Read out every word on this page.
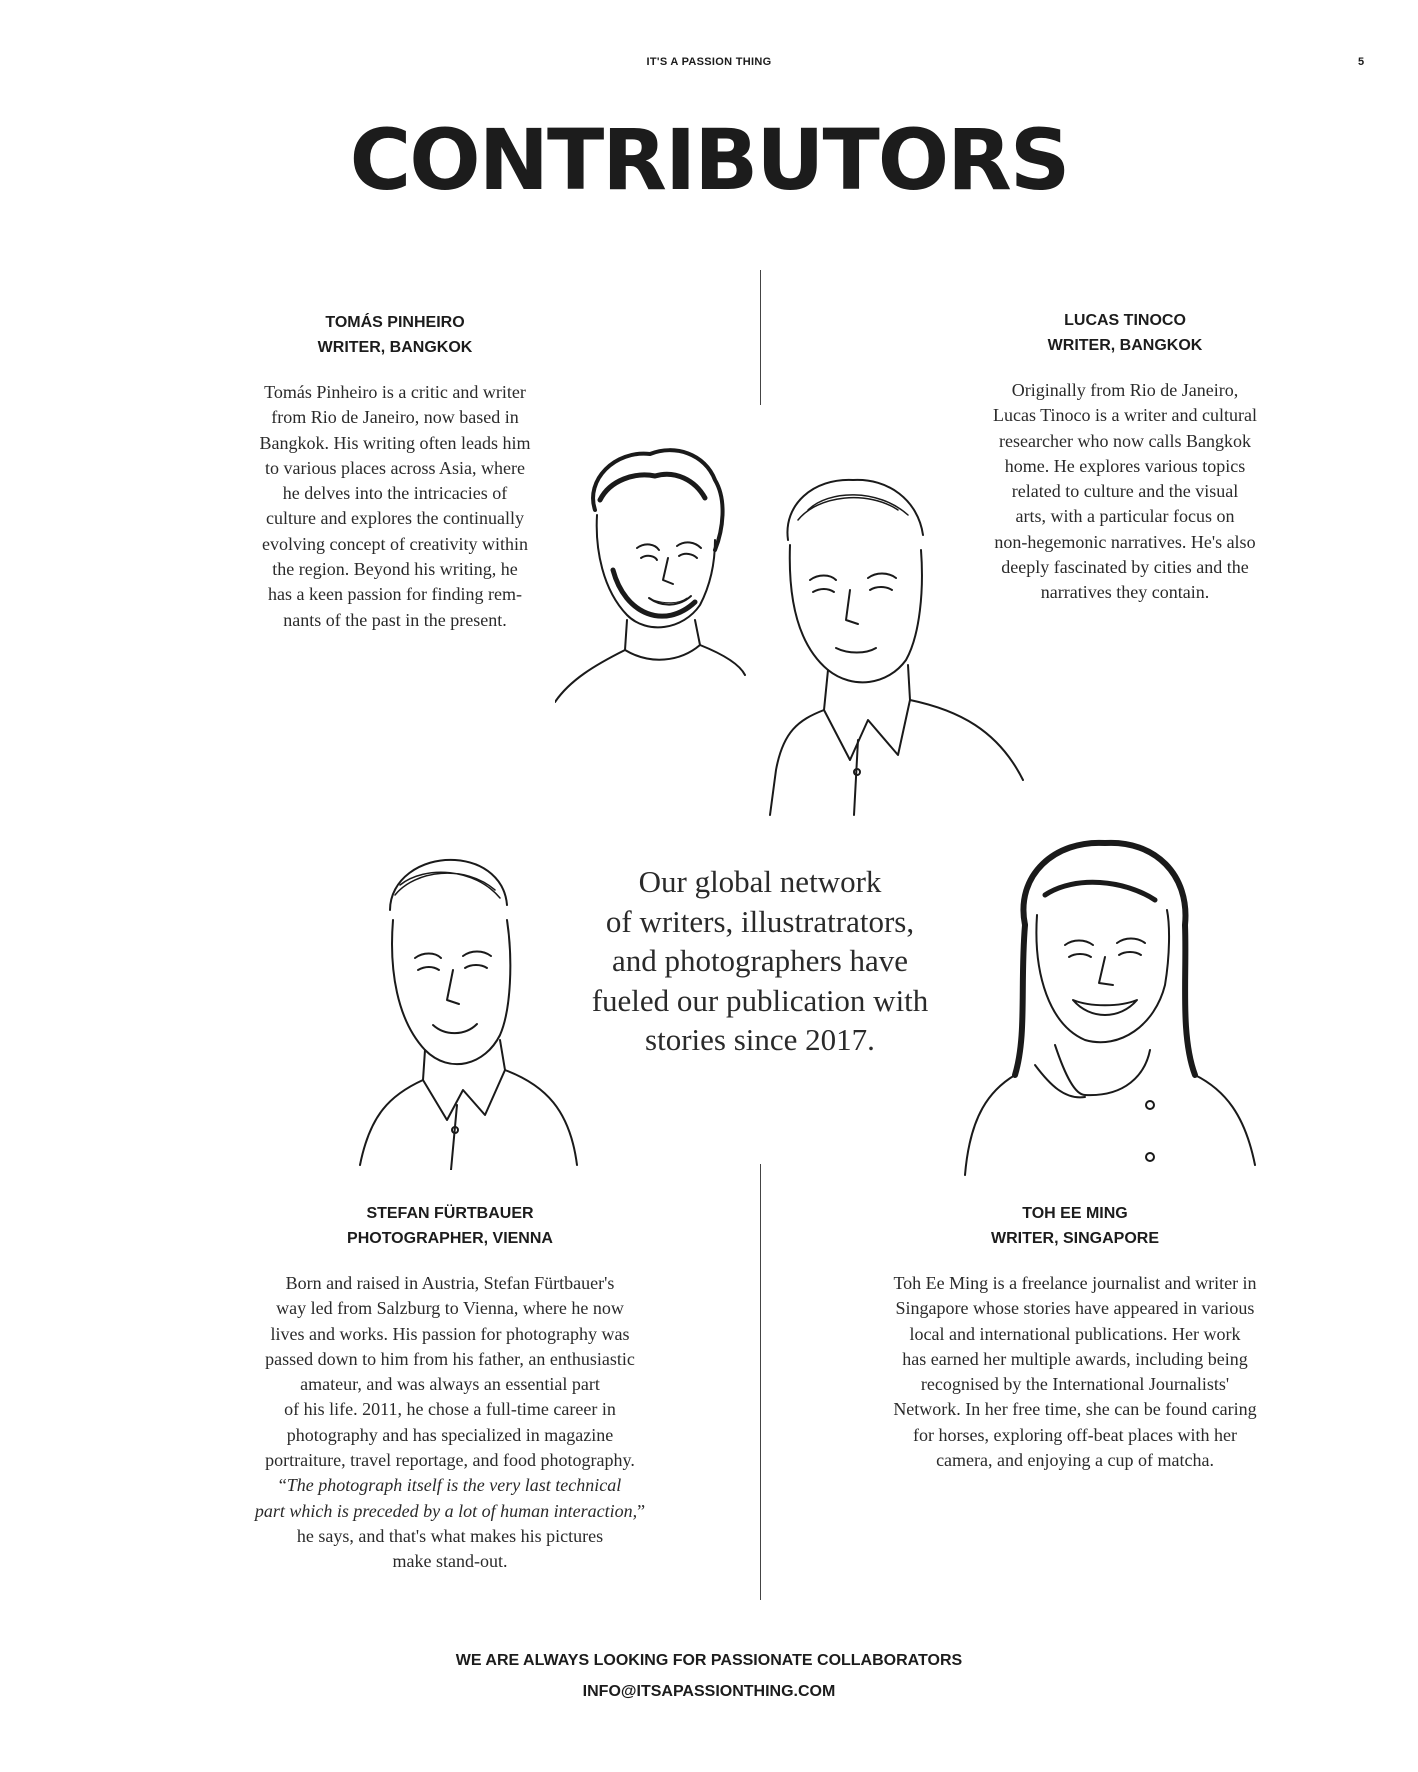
IT'S A PASSION THING	5
CONTRIBUTORS
TOMÁS PINHEIRO
WRITER, BANGKOK
Tomás Pinheiro is a critic and writer
from Rio de Janeiro, now based in
Bangkok. His writing often leads him
to various places across Asia, where
he delves into the intricacies of
culture and explores the continually
evolving concept of creativity within
the region. Beyond his writing, he
has a keen passion for finding rem-
nants of the past in the present.
LUCAS TINOCO
WRITER, BANGKOK
Originally from Rio de Janeiro,
Lucas Tinoco is a writer and cultural
researcher who now calls Bangkok
home. He explores various topics
related to culture and the visual
arts, with a particular focus on
non-hegemonic narratives. He's also
deeply fascinated by cities and the
narratives they contain.
STEFAN FÜRTBAUER
PHOTOGRAPHER, VIENNA
Born and raised in Austria, Stefan Fürtbauer's
way led from Salzburg to Vienna, where he now
lives and works. His passion for photography was
passed down to him from his father, an enthusiastic
amateur, and was always an essential part
of his life. 2011, he chose a full-time career in
photography and has specialized in magazine
portraiture, travel reportage, and food photography.
“The photograph itself is the very last technical
part which is preceded by a lot of human interaction,”
he says, and that's what makes his pictures
make stand-out.
TOH EE MING
WRITER, SINGAPORE
Toh Ee Ming is a freelance journalist and writer in
Singapore whose stories have appeared in various
local and international publications. Her work
has earned her multiple awards, including being
recognised by the International Journalists'
Network. In her free time, she can be found caring
for horses, exploring off-beat places with her
camera, and enjoying a cup of matcha.
Our global network
of writers, illustratrators,
and photographers have
fueled our publication with
stories since 2017.
WE ARE ALWAYS LOOKING FOR PASSIONATE COLLABORATORS
INFO@ITSAPASSIONTHING.COM
